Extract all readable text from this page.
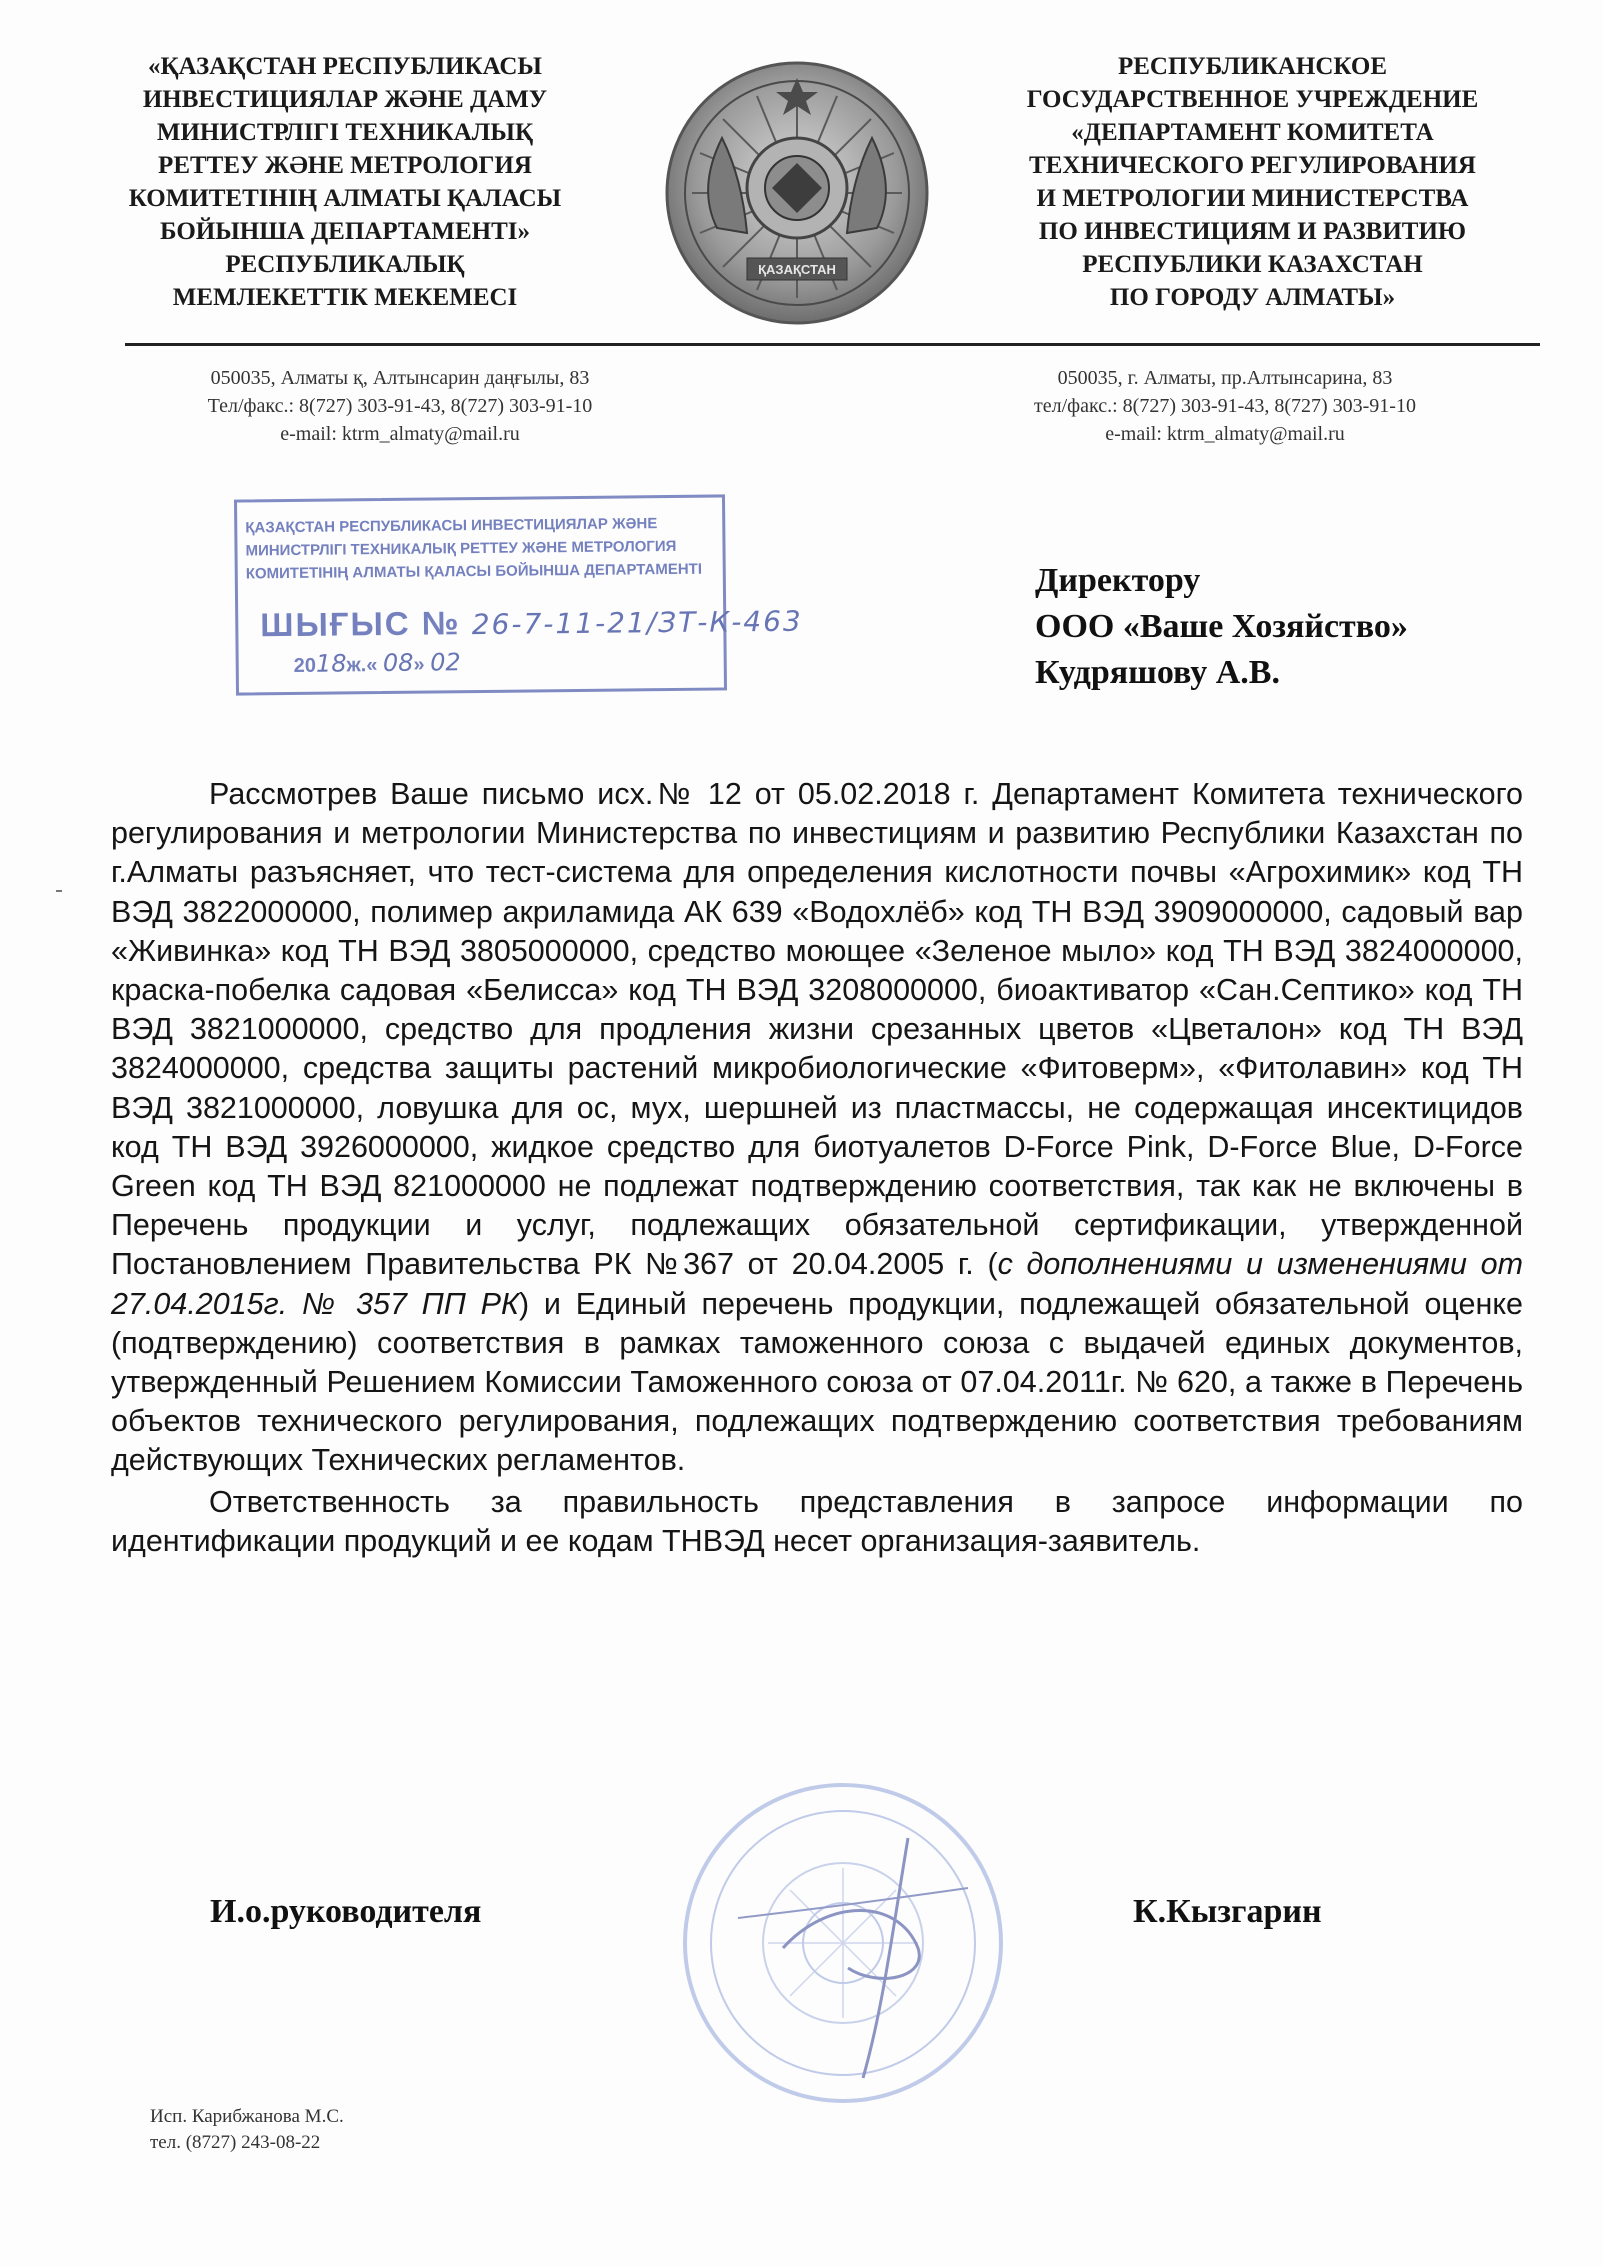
«ҚАЗАҚСТАН РЕСПУБЛИКАСЫ
ИНВЕСТИЦИЯЛАР ЖӘНЕ ДАМУ
МИНИСТРЛІГІ ТЕХНИКАЛЫҚ
РЕТТЕУ ЖӘНЕ МЕТРОЛОГИЯ
КОМИТЕТІНІҢ АЛМАТЫ ҚАЛАСЫ
БОЙЫНША ДЕПАРТАМЕНТІ»
РЕСПУБЛИКАЛЫҚ
МЕМЛЕКЕТТІК МЕКЕМЕСІ
ҚАЗАҚСТАН
РЕСПУБЛИКАНСКОЕ
ГОСУДАРСТВЕННОЕ УЧРЕЖДЕНИЕ
«ДЕПАРТАМЕНТ КОМИТЕТА
ТЕХНИЧЕСКОГО РЕГУЛИРОВАНИЯ
И МЕТРОЛОГИИ МИНИСТЕРСТВА
ПО ИНВЕСТИЦИЯМ И РАЗВИТИЮ
РЕСПУБЛИКИ КАЗАХСТАН
ПО ГОРОДУ АЛМАТЫ»
050035, Алматы қ, Алтынсарин даңғылы, 83
Тел/факс.: 8(727) 303-91-43, 8(727) 303-91-10
e-mail: ktrm_almaty@mail.ru
050035, г. Алматы, пр.Алтынсарина, 83
тел/факс.: 8(727) 303-91-43, 8(727) 303-91-10
e-mail: ktrm_almaty@mail.ru
ҚАЗАҚСТАН РЕСПУБЛИКАСЫ ИНВЕСТИЦИЯЛАР ЖӘНЕ
МИНИСТРЛІГІ ТЕХНИКАЛЫҚ РЕТТЕУ ЖӘНЕ МЕТРОЛОГИЯ
КОМИТЕТІНІҢ АЛМАТЫ ҚАЛАСЫ БОЙЫНША ДЕПАРТАМЕНТІ
ШЫҒЫС № 26-7-11-21/ЗТ-К-463
2018ж.« 08» 02
Директору
ООО «Ваше Хозяйство»
Кудряшову А.В.

Рассмотрев Ваше письмо исх.№ 12 от 05.02.2018 г. Департамент Комитета технического регулирования и метрологии Министерства по инвестициям и развитию Республики Казахстан по г.Алматы разъясняет, что тест-система для определения кислотности почвы «Агрохимик» код ТН ВЭД 3822000000, полимер акриламида АК 639 «Водохлёб» код ТН ВЭД 3909000000, садовый вар «Живинка» код ТН ВЭД 3805000000, средство моющее «Зеленое мыло» код ТН ВЭД 3824000000, краска-побелка садовая «Белисса» код ТН ВЭД 3208000000, биоактиватор «Сан.Септико» код ТН ВЭД 3821000000, средство для продления жизни срезанных цветов «Цветалон» код ТН ВЭД 3824000000, средства защиты растений микробиологические «Фитоверм», «Фитолавин» код ТН ВЭД 3821000000, ловушка для ос, мух, шершней из пластмассы, не содержащая инсектицидов код ТН ВЭД 3926000000, жидкое средство для биотуалетов D-Force Pink, D-Force Blue, D-Force Green код ТН ВЭД 821000000 не подлежат подтверждению соответствия, так как не включены в Перечень продукции и услуг, подлежащих обязательной сертификации, утвержденной Постановлением Правительства РК №367 от 20.04.2005 г. (с дополнениями и изменениями от 27.04.2015г. № 357 ПП РК) и Единый перечень продукции, подлежащей обязательной оценке (подтверждению) соответствия в рамках таможенного союза с выдачей единых документов, утвержденный Решением Комиссии Таможенного союза от 07.04.2011г. № 620, а также в Перечень объектов технического регулирования, подлежащих подтверждению соответствия требованиям действующих Технических регламентов.

Ответственность за правильность представления в запросе информации по идентификации продукций и ее кодам ТНВЭД несет организация-заявитель.

И.о.руководителя	К.Кызгарин
Исп. Карибжанова М.С.
тел. (8727) 243-08-22
